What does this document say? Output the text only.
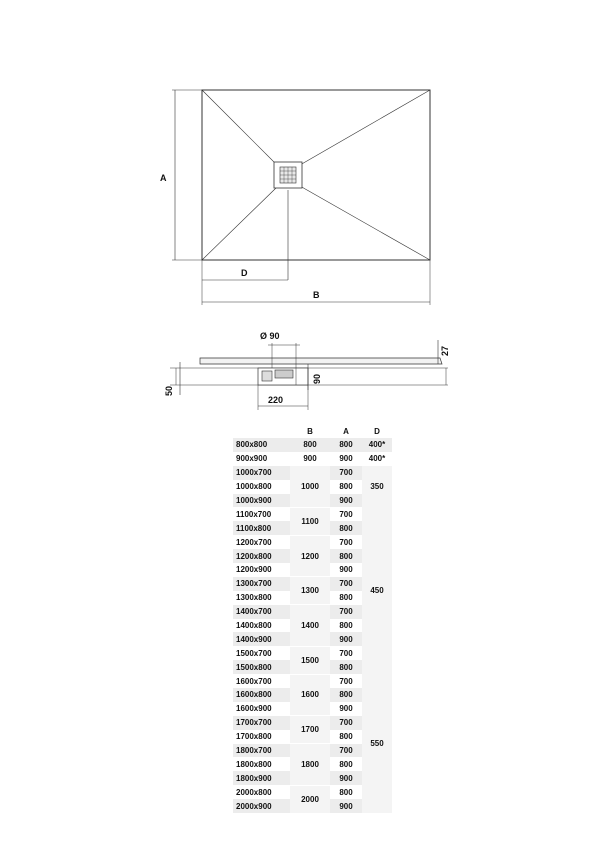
A
D
B
Ø 90
27
90
50
220
	B	A	D
800x800	800	800	400*
900x900	900	900	400*
1000x700	1000	700	350
1000x800		800	
1000x900		900	
1100x700	1100	700	450
1100x800		800	
1200x700	1200	700	
1200x800		800	
1200x900		900	
1300x700	1300	700	
1300x800		800	
1400x700	1400	700	
1400x800		800	
1400x900		900	
1500x700	1500	700	
1500x800		800	
1600x700	1600	700	550
1600x800		800	
1600x900		900	
1700x700	1700	700	
1700x800		800	
1800x700	1800	700	
1800x800		800	
1800x900		900	
2000x800	2000	800	
2000x900		900	
